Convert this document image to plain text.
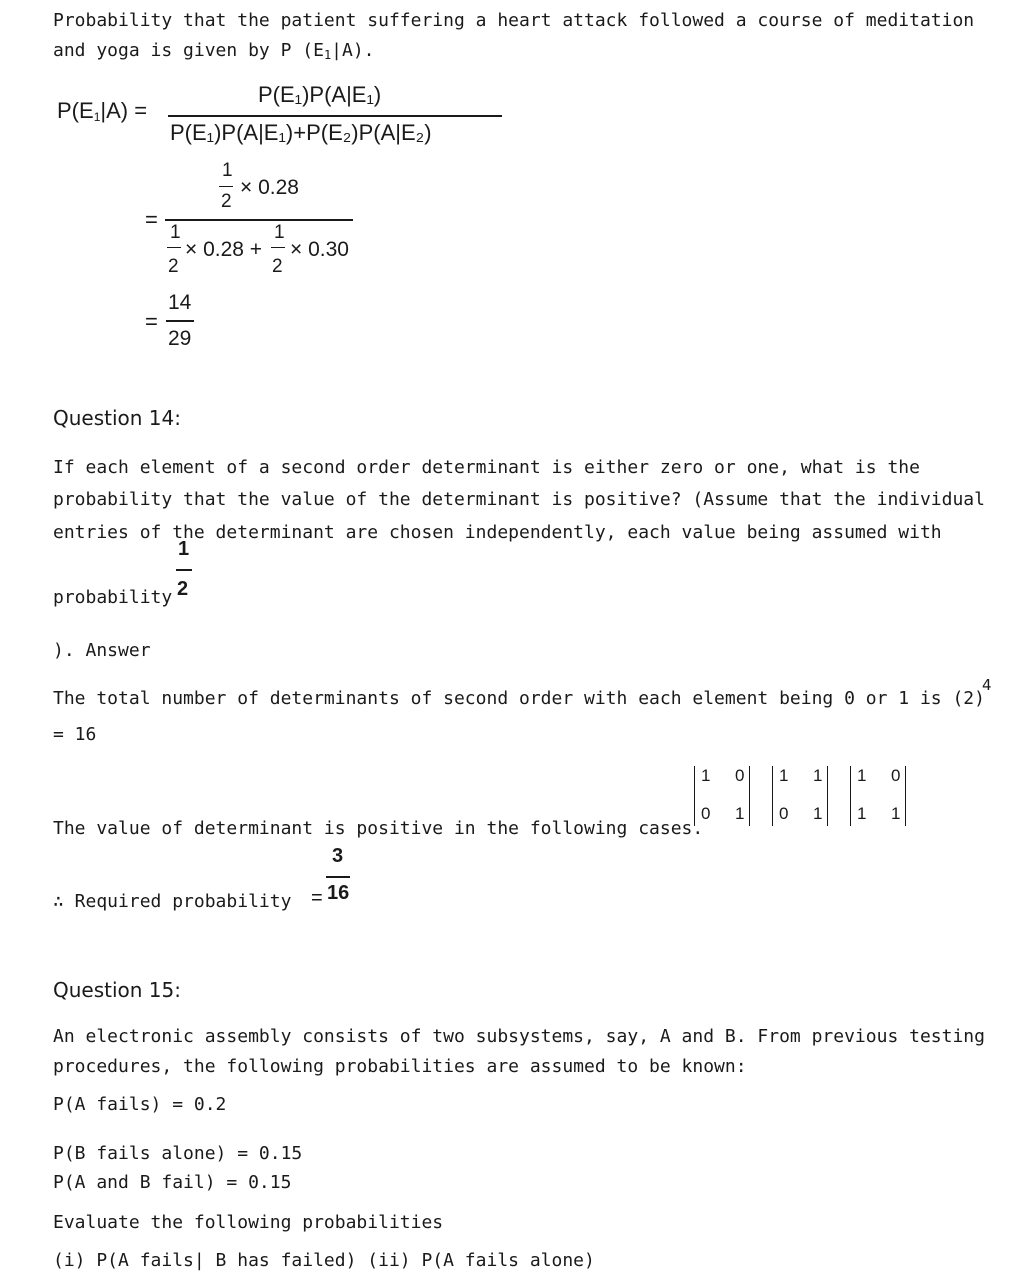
Probability that the patient suffering a heart attack followed a course of meditation
and yoga is given by P $(E_1|A)$.
$P(E_1|A)$ =
P(E₁)P(A|E₁)
P(E₁)P(A|E₁)+P(E₂)P(A|E₂)
1
2
× 0.28
=
1
2
× 0.28 +
1
2
× 0.30
=
14
29
Question 14:
If each element of a second order determinant is either zero or one, what is the
probability that the value of the determinant is positive? (Assume that the individual
entries of the determinant are chosen independently, each value being assumed with
probability
1
2
). Answer
The total number of determinants of second order with each element being 0 or 1 is (2)
4
= 16
The value of determinant is positive in the following cases.
1 0
0 1
1 1
0 1
1 0
1 1
∴ Required probability =
3
16
Question 15:
An electronic assembly consists of two subsystems, say, A and B. From previous testing
procedures, the following probabilities are assumed to be known:
P(A fails) = 0.2
P(B fails alone) = 0.15
P(A and B fail) = 0.15
Evaluate the following probabilities
(i) P(A fails| B has failed) (ii) P(A fails alone)
